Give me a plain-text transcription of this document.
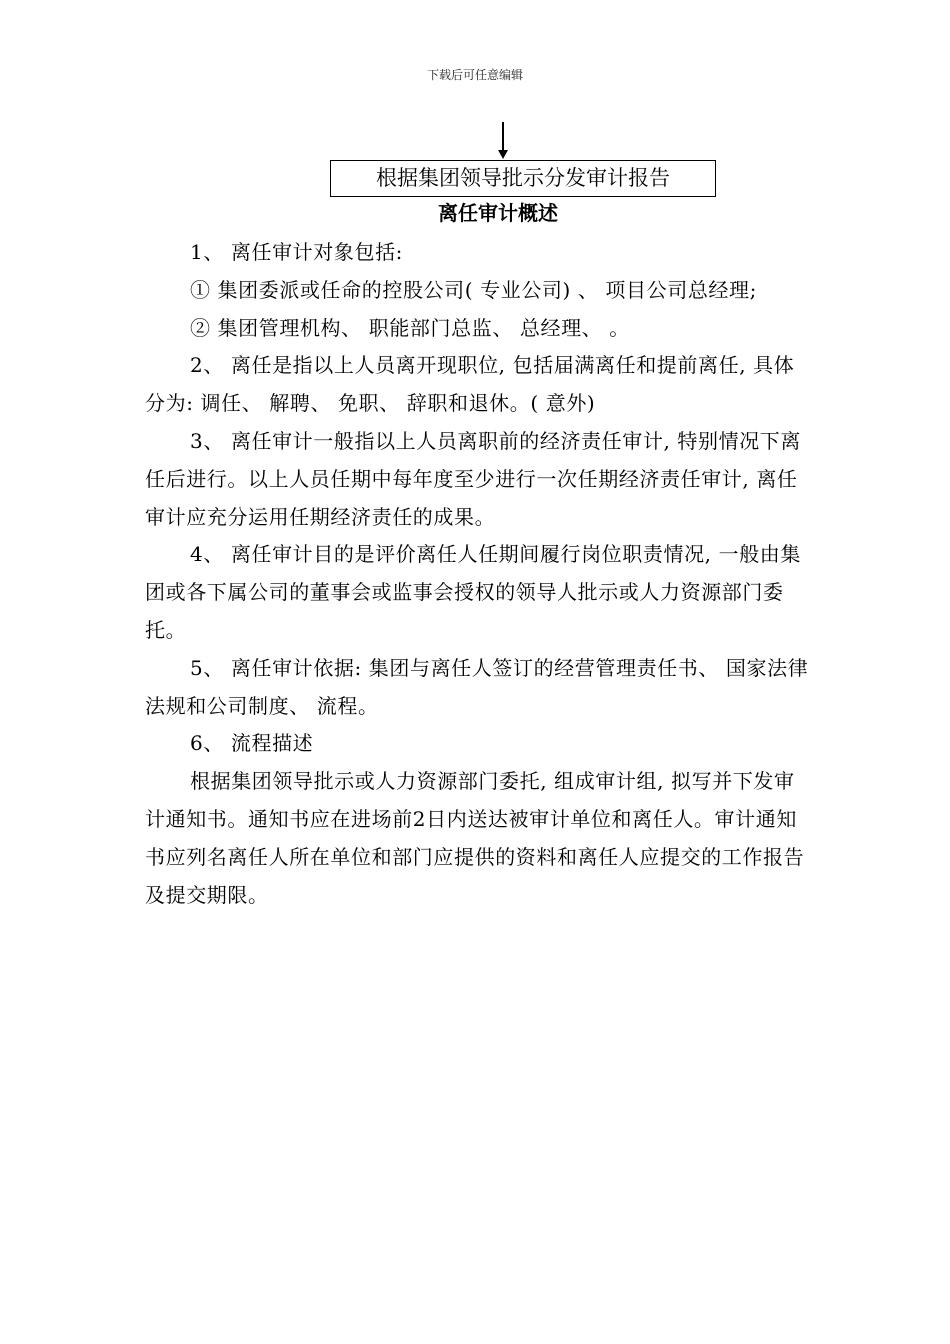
下载后可任意编辑
根据集团领导批示分发审计报告
离任审计概述

1、 离任审计对象包括:

① 集团委派或任命的控股公司( 专业公司) 、 项目公司总经理;

② 集团管理机构、 职能部门总监、 总经理、 。

2、 离任是指以上人员离开现职位, 包括届满离任和提前离任, 具体分为: 调任、 解聘、 免职、 辞职和退休。( 意外)

3、 离任审计一般指以上人员离职前的经济责任审计, 特别情况下离任后进行。以上人员任期中每年度至少进行一次任期经济责任审计, 离任审计应充分运用任期经济责任的成果。

4、 离任审计目的是评价离任人任期间履行岗位职责情况, 一般由集团或各下属公司的董事会或监事会授权的领导人批示或人力资源部门委托。

5、 离任审计依据: 集团与离任人签订的经营管理责任书、 国家法律法规和公司制度、 流程。

6、 流程描述

根据集团领导批示或人力资源部门委托, 组成审计组, 拟写并下发审计通知书。通知书应在进场前2日内送达被审计单位和离任人。审计通知书应列名离任人所在单位和部门应提供的资料和离任人应提交的工作报告及提交期限。
